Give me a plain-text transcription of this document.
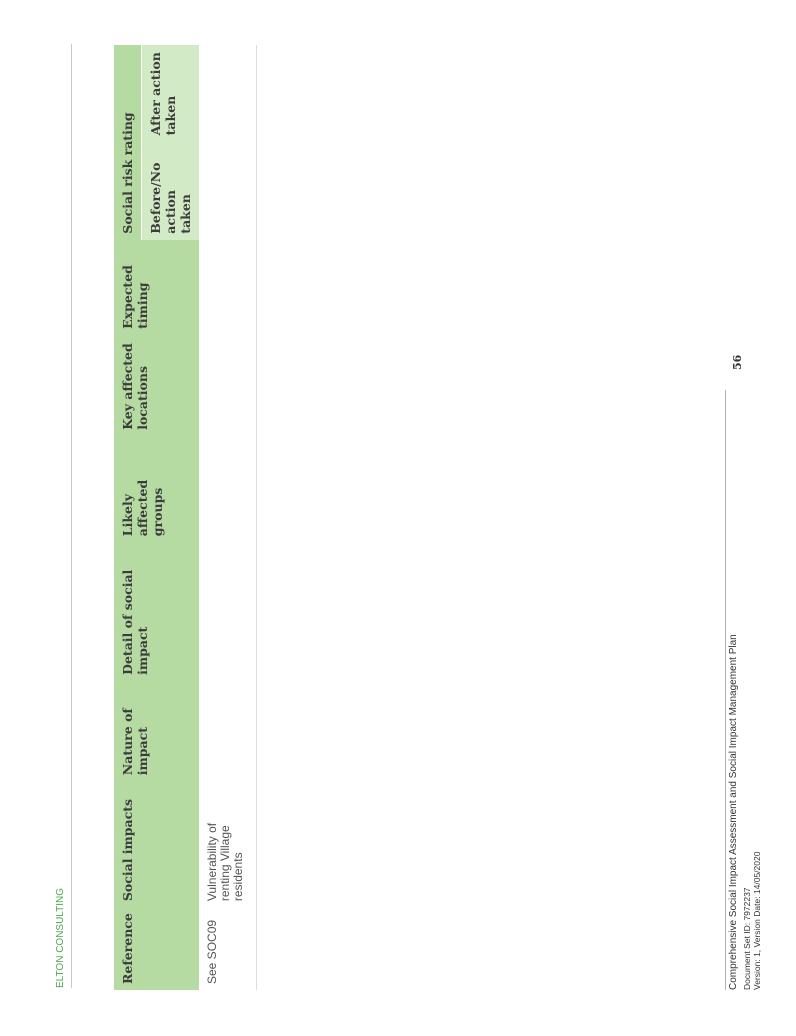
ELTON CONSULTING	Reference	Social impacts	Nature of impact	Detail of social impact	Likely affected groups	Key affected locations	Expected timing	Social risk rating	
							Before/No action taken	After action taken
See SOC09	Vulnerability of renting Village residents								Comprehensive Social Impact Assessment and Social Impact Management Plan Document Set ID: 7972237 Version: 1, Version Date: 14/05/2020
56
